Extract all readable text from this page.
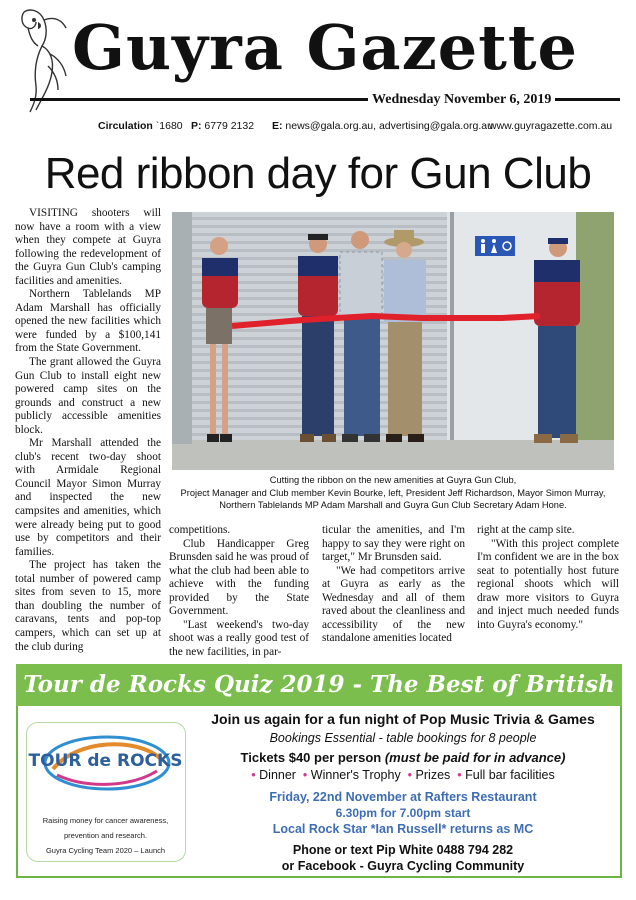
Guyra Gazette
Wednesday November 6, 2019
Circulation `1680 P: 6779 2132 E: news@gala.org.au, advertising@gala.org.au
www.guyragazette.com.au
Red ribbon day for Gun Club

VISITING shooters will now have a room with a view when they compete at Guyra following the redevelopment of the Guyra Gun Club's camping facilities and amenities.

Northern Tablelands MP Adam Marshall has officially opened the new facilities which were funded by a $100,141 from the State Government.

The grant allowed the Guyra Gun Club to install eight new powered camp sites on the grounds and construct a new publicly accessible amenities block.

Mr Marshall attended the club's recent two-day shoot with Armidale Regional Council Mayor Simon Murray and inspected the new campsites and amenities, which were already being put to good use by competitors and their families.

The project has taken the total number of powered camp sites from seven to 15, more than doubling the number of caravans, tents and pop-top campers, which can set up at the club during

Cutting the ribbon on the new amenities at Guyra Gun Club,
Project Manager and Club member Kevin Bourke, left, President Jeff Richardson, Mayor Simon Murray,
Northern Tablelands MP Adam Marshall and Guyra Gun Club Secretary Adam Hone.

competitions.

Club Handicapper Greg Brunsden said he was proud of what the club had been able to achieve with the funding provided by the State Government.

"Last weekend's two-day shoot was a really good test of the new facilities, in par-

ticular the amenities, and I'm happy to say they were right on target," Mr Brunsden said.

"We had competitors arrive at Guyra as early as the Wednesday and all of them raved about the cleanliness and accessibility of the new standalone amenities located

right at the camp site.

"With this project complete I'm confident we are in the box seat to potentially host future regional shoots which will draw more visitors to Guyra and inject much needed funds into Guyra's economy."

Tour de Rocks Quiz 2019 - The Best of British
TOUR de ROCKS
Raising money for cancer awareness,
prevention and research.
Guyra Cycling Team 2020 – Launch
Join us again for a fun night of Pop Music Trivia & Games
Bookings Essential - table bookings for 8 people
Tickets $40 per person (must be paid for in advance)
• Dinner • Winner's Trophy • Prizes • Full bar facilities
Friday, 22nd November at Rafters Restaurant
6.30pm for 7.00pm start
Local Rock Star *Ian Russell* returns as MC
Phone or text Pip White 0488 794 282
or Facebook - Guyra Cycling Community
